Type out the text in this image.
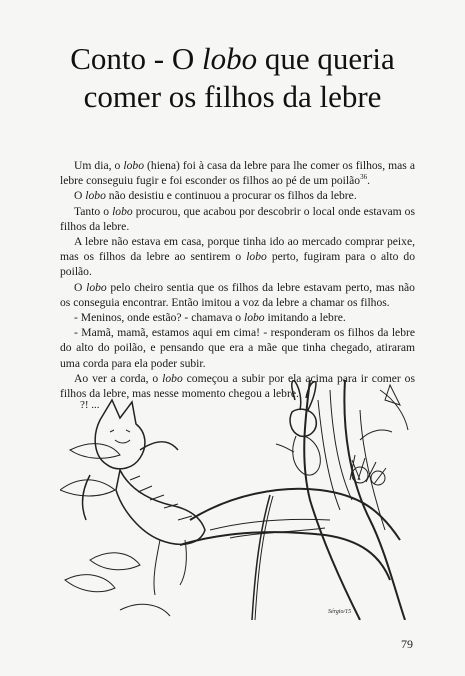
Conto - O lobo que queria
comer os filhos da lebre

Um dia, o lobo (hiena) foi à casa da lebre para lhe comer os filhos, mas a lebre conseguiu fugir e foi esconder os filhos ao pé de um poilão$^{36}$.

O lobo não desistiu e continuou a procurar os filhos da lebre.

Tanto o lobo procurou, que acabou por descobrir o local onde estavam os filhos da lebre.

A lebre não estava em casa, porque tinha ido ao mercado comprar peixe, mas os filhos da lebre ao sentirem o lobo perto, fugiram para o alto do poilão.

O lobo pelo cheiro sentia que os filhos da lebre estavam perto, mas não os conseguia encontrar. Então imitou a voz da lebre a chamar os filhos.

- Meninos, onde estão? - chamava o lobo imitando a lebre.

- Mamã, mamã, estamos aqui em cima! - responderam os filhos da lebre do alto do poilão, e pensando que era a mãe que tinha chegado, atiraram uma corda para ela poder subir.

Ao ver a corda, o lobo começou a subir por ela acima para ir comer os filhos da lebre, mas nesse momento chegou a lebre.

?! ...
Sérgio/15
79
